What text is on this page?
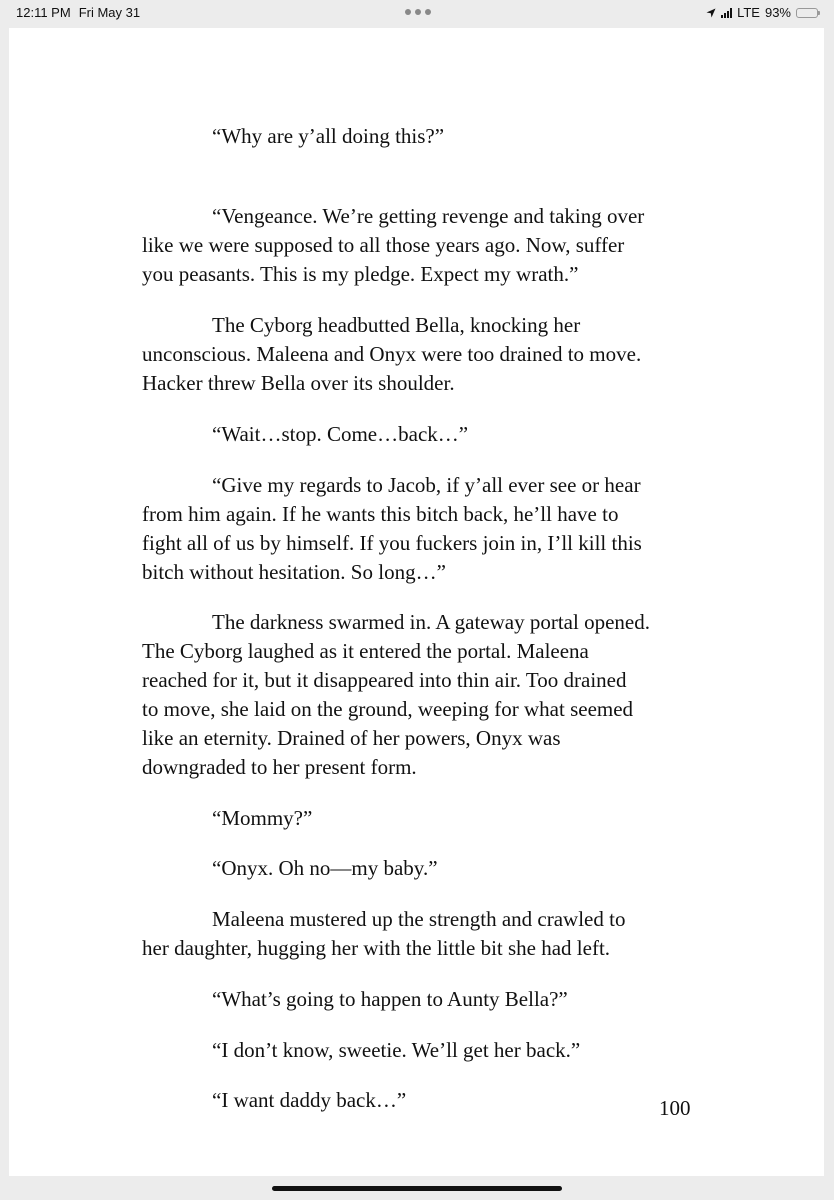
12:11 PM Fri May 31	LTE 93%

“Why are y’all doing this?”

“Vengeance. We’re getting revenge and taking over
like we were supposed to all those years ago. Now, suffer
you peasants. This is my pledge. Expect my wrath.”

The Cyborg headbutted Bella, knocking her
unconscious. Maleena and Onyx were too drained to move.
Hacker threw Bella over its shoulder.

“Wait…stop. Come…back…”

“Give my regards to Jacob, if y’all ever see or hear
from him again. If he wants this bitch back, he’ll have to
fight all of us by himself. If you fuckers join in, I’ll kill this
bitch without hesitation. So long…”

The darkness swarmed in. A gateway portal opened.
The Cyborg laughed as it entered the portal. Maleena
reached for it, but it disappeared into thin air. Too drained
to move, she laid on the ground, weeping for what seemed
like an eternity. Drained of her powers, Onyx was
downgraded to her present form.

“Mommy?”

“Onyx. Oh no—my baby.”

Maleena mustered up the strength and crawled to
her daughter, hugging her with the little bit she had left.

“What’s going to happen to Aunty Bella?”

“I don’t know, sweetie. We’ll get her back.”

“I want daddy back…”	100
